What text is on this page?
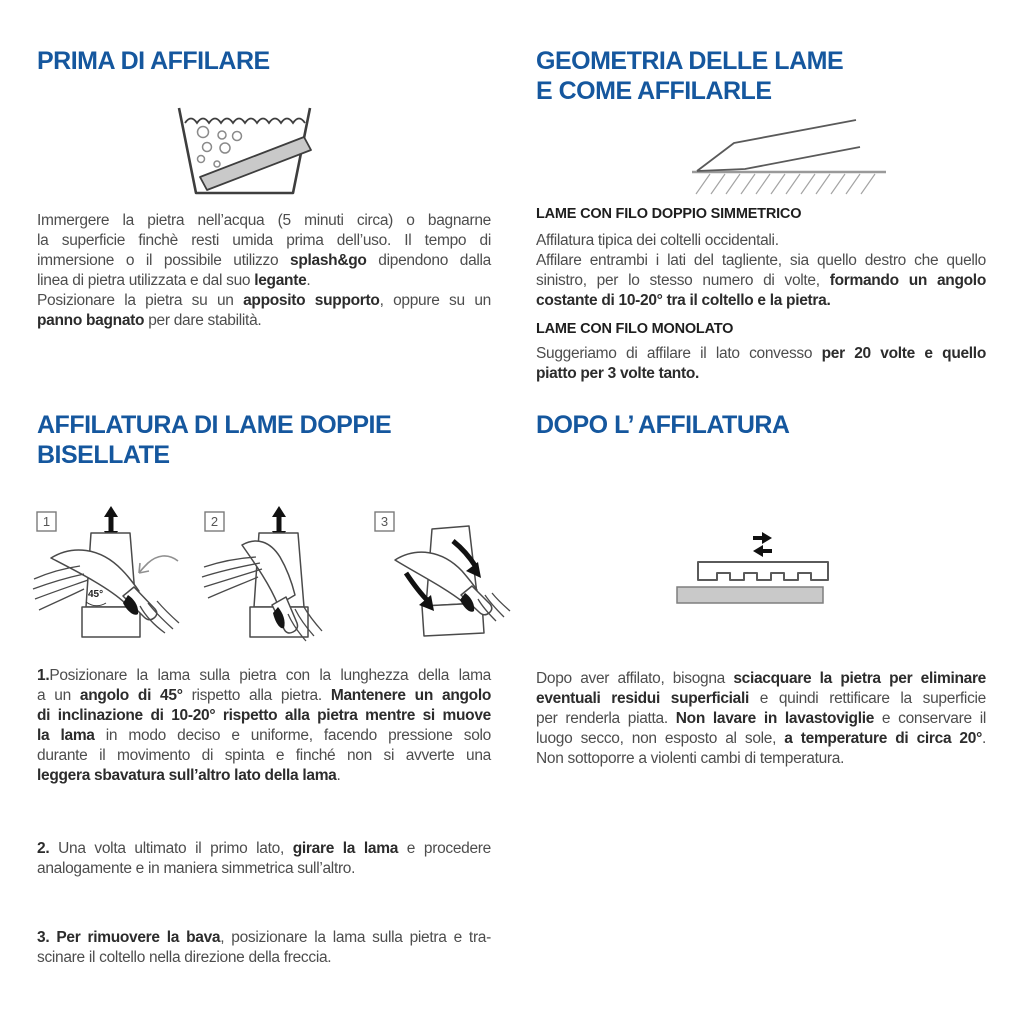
PRIMA DI AFFILARE
Immergere la pietra nell’acqua (5 minuti circa) o bagnarne
la superficie finchè resti umida prima dell’uso. Il tempo di
immersione o il possibile utilizzo splash&go dipendono dalla
linea di pietra utilizzata e dal suo legante.
Posizionare la pietra su un apposito supporto, oppure su un
panno bagnato per dare stabilità.
AFFILATURA DI LAME DOPPIE
BISELLATE
1
45°
2	3
1.Posizionare la lama sulla pietra con la lunghezza della lama
a un angolo di 45° rispetto alla pietra. Mantenere un angolo
di inclinazione di 10-20° rispetto alla pietra mentre si muove
la lama in modo deciso e uniforme, facendo pressione solo
durante il movimento di spinta e finché non si avverte una
leggera sbavatura sull’altro lato della lama.
2. Una volta ultimato il primo lato, girare la lama e procedere
analogamente e in maniera simmetrica sull’altro.
3. Per rimuovere la bava, posizionare la lama sulla pietra e tra-
scinare il coltello nella direzione della freccia.
GEOMETRIA DELLE LAME
E COME AFFILARLE
LAME CON FILO DOPPIO SIMMETRICO
Affilatura tipica dei coltelli occidentali.
Affilare entrambi i lati del tagliente, sia quello destro che quello
sinistro, per lo stesso numero di volte, formando un angolo
costante di 10-20° tra il coltello e la pietra.
LAME CON FILO MONOLATO
Suggeriamo di affilare il lato convesso per 20 volte e quello
piatto per 3 volte tanto.
DOPO L’ AFFILATURA
Dopo aver affilato, bisogna sciacquare la pietra per eliminare
eventuali residui superficiali e quindi rettificare la superficie
per renderla piatta. Non lavare in lavastoviglie e conservare il
luogo secco, non esposto al sole, a temperature di circa 20°.
Non sottoporre a violenti cambi di temperatura.
